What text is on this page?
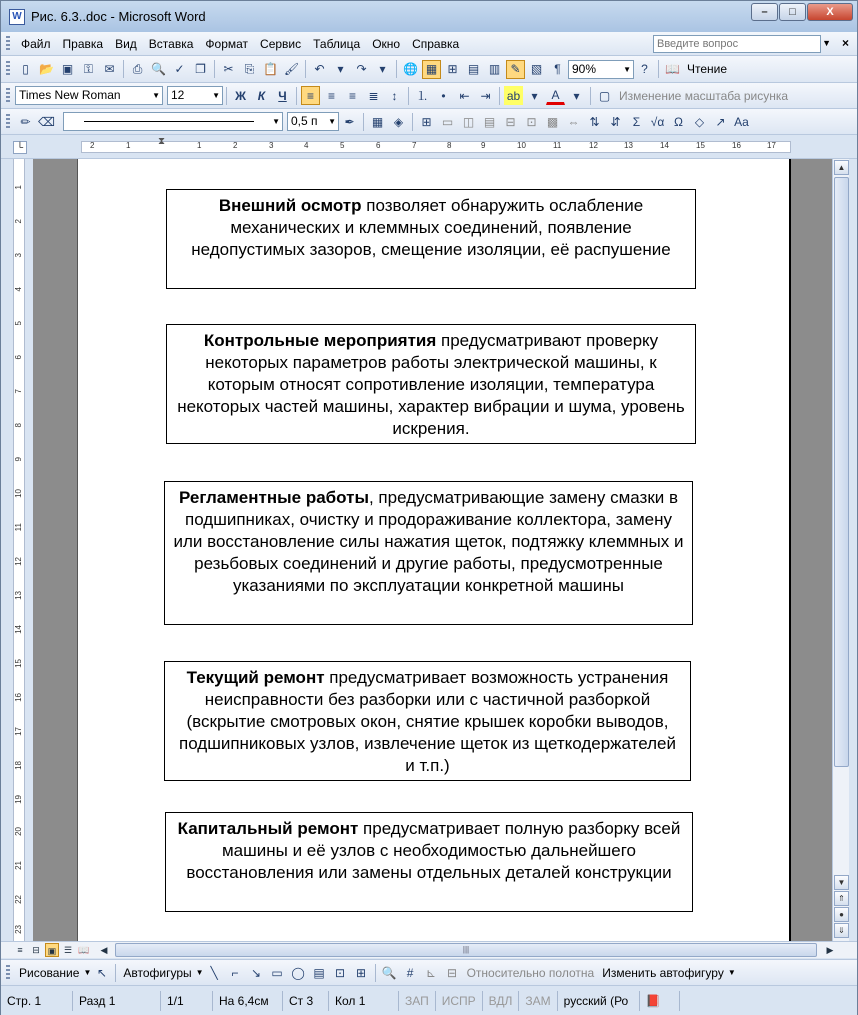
W Рис. 6.3..doc - Microsoft Word	–	□	X
Файл	Правка	Вид	Вставка	Формат	Сервис	Таблица	Окно	Справка	Введите вопрос	▼ ×
▯ 📂 ▣ ⚿ ✉	⎙ 🔍 ✓ ❐	✂ ⎘ 📋 🖌	↶	▾	↷	▾	🌐 ▦ ⊞ ▤ ▥ ✎ ▧	¶ 90%	▼ ?	📖 Чтение
Times New Roman	▼ 12	▼	Ж К	Ч	≡	≡	≡	≣	↕	⒈	•	⇤ ⇥	ab ▾	A	▾	▢ Изменение масштаба рисунка
✏ ⌫	▼ 0,5 п ▼ ✒	▦ ◈	⊞ ▭ ◫ ▤ ⊟ ⊡ ▩ ⇔ ⇅ ⇵	Σ √α Ω ◇ ↗ Aa
└	2	1	1	2	3	4	5	6	7	8	9	10	11	12	13	14	15	16	17
⧗
1
2
3
4
5
6
7
8
9
10
11
12
13
14
15
16
17
18
19
20
21
22
23
Внешний осмотр позволяет обнаружить ослабление механических и клеммных соединений, появление недопустимых зазоров, смещение изоляции, её распушение
Контрольные мероприятия предусматривают проверку некоторых параметров работы электрической машины, к которым относят сопротивление изоляции, температура некоторых частей машины, характер вибрации и шума, уровень искрения.
Регламентные работы, предусматривающие замену смазки в подшипниках, очистку и продораживание коллектора, замену или восстановление силы нажатия щеток, подтяжку клеммных и резьбовых соединений и другие работы, предусмотренные указаниями по эксплуатации конкретной машины
Текущий ремонт предусматривает возможность устранения неисправности без разборки или с частичной разборкой (вскрытие смотровых окон, снятие крышек коробки выводов, подшипниковых узлов, извлечение щеток из щеткодержателей и т.п.)
Капитальный ремонт предусматривает полную разборку всей машины и её узлов с необходимостью дальнейшего восстановления или замены отдельных деталей конструкции
▲
▼
⇑
●
⇓
≡	⊟ ▣ ☰ 📖	◀	|||	▶
Рисование ▼ ↖	Автофигуры ▼ ╲	⌐	↘ ▭ ◯ ▤ ⊡ ⊞	🔍 #	⊾ ⊟ Относительно полотна Изменить автофигуру ▼
Стр. 1	Разд 1	1/1	На 6,4см	Ст 3	Кол 1	ЗАП	ИСПР	ВДЛ	ЗАМ	русский (Ро	📕
